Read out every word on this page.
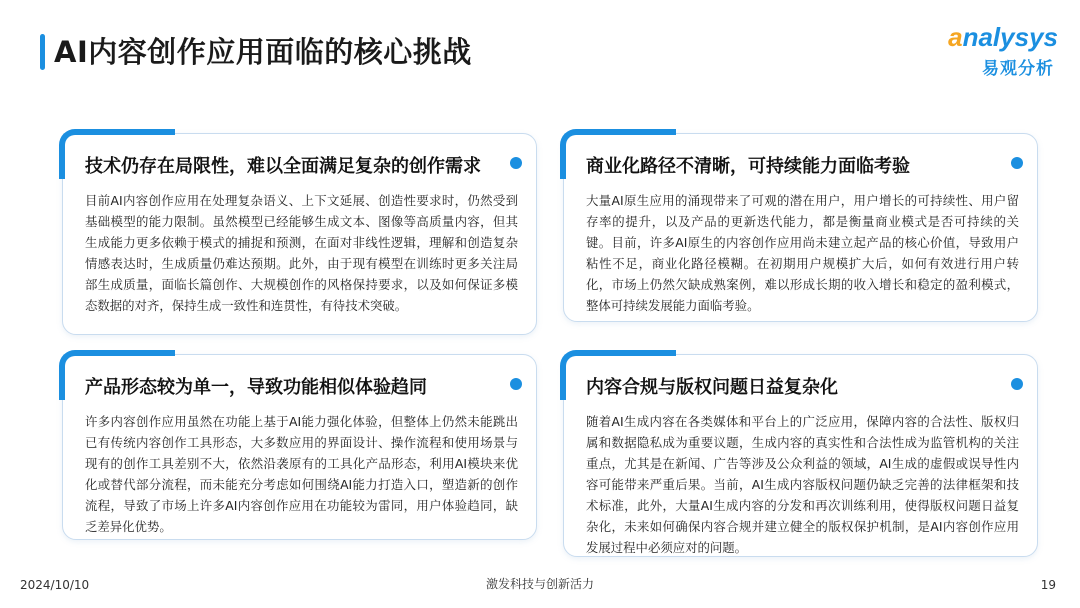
AI内容创作应用面临的核心挑战	analysys
易观分析
技术仍存在局限性，难以全面满足复杂的创作需求
目前AI内容创作应用在处理复杂语义、上下文延展、创造性要求时，仍然受到基础模型的能力限制。虽然模型已经能够生成文本、图像等高质量内容，但其生成能力更多依赖于模式的捕捉和预测，在面对非线性逻辑，理解和创造复杂情感表达时，生成质量仍难达预期。此外，由于现有模型在训练时更多关注局部生成质量，面临长篇创作、大规模创作的风格保持要求，以及如何保证多模态数据的对齐，保持生成一致性和连贯性，有待技术突破。
商业化路径不清晰，可持续能力面临考验
大量AI原生应用的涌现带来了可观的潜在用户，用户增长的可持续性、用户留存率的提升，以及产品的更新迭代能力，都是衡量商业模式是否可持续的关键。目前，许多AI原生的内容创作应用尚未建立起产品的核心价值，导致用户粘性不足，商业化路径模糊。在初期用户规模扩大后，如何有效进行用户转化，市场上仍然欠缺成熟案例，难以形成长期的收入增长和稳定的盈利模式，整体可持续发展能力面临考验。
产品形态较为单一，导致功能相似体验趋同
许多内容创作应用虽然在功能上基于AI能力强化体验，但整体上仍然未能跳出已有传统内容创作工具形态，大多数应用的界面设计、操作流程和使用场景与现有的创作工具差别不大，依然沿袭原有的工具化产品形态，利用AI模块来优化或替代部分流程，而未能充分考虑如何围绕AI能力打造入口，塑造新的创作流程，导致了市场上许多AI内容创作应用在功能较为雷同，用户体验趋同，缺乏差异化优势。
内容合规与版权问题日益复杂化
随着AI生成内容在各类媒体和平台上的广泛应用，保障内容的合法性、版权归属和数据隐私成为重要议题，生成内容的真实性和合法性成为监管机构的关注重点，尤其是在新闻、广告等涉及公众利益的领域，AI生成的虚假或误导性内容可能带来严重后果。当前，AI生成内容版权问题仍缺乏完善的法律框架和技术标准，此外，大量AI生成内容的分发和再次训练利用，使得版权问题日益复杂化，未来如何确保内容合规并建立健全的版权保护机制，是AI内容创作应用发展过程中必须应对的问题。
2024/10/10	激发科技与创新活力	19
